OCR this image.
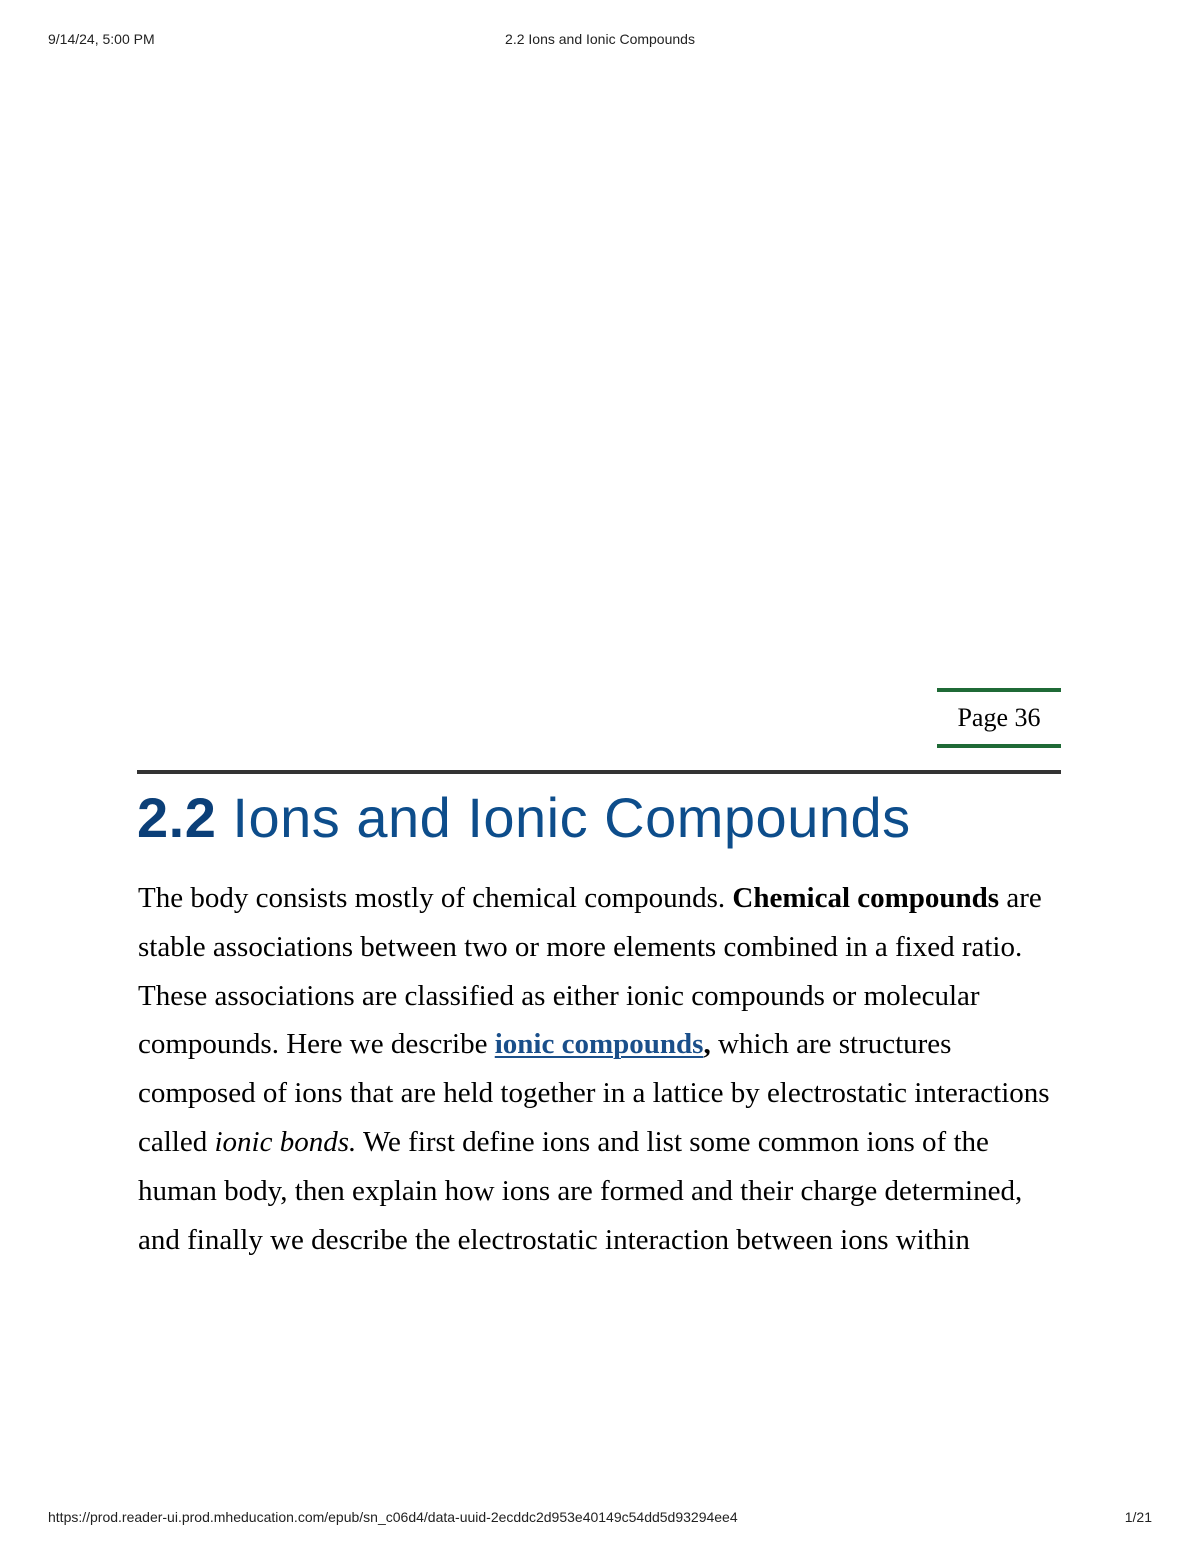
9/14/24, 5:00 PM	2.2 Ions and Ionic Compounds
Page 36
2.2 Ions and Ionic Compounds

The body consists mostly of chemical compounds. Chemical compounds are stable associations between two or more elements combined in a fixed ratio. These associations are classified as either ionic compounds or molecular compounds. Here we describe ionic compounds, which are structures composed of ions that are held together in a lattice by electrostatic interactions called ionic bonds. We first define ions and list some common ions of the human body, then explain how ions are formed and their charge determined, and finally we describe the electrostatic interaction between ions within

https://prod.reader-ui.prod.mheducation.com/epub/sn_c06d4/data-uuid-2ecddc2d953e40149c54dd5d93294ee4	1/21
